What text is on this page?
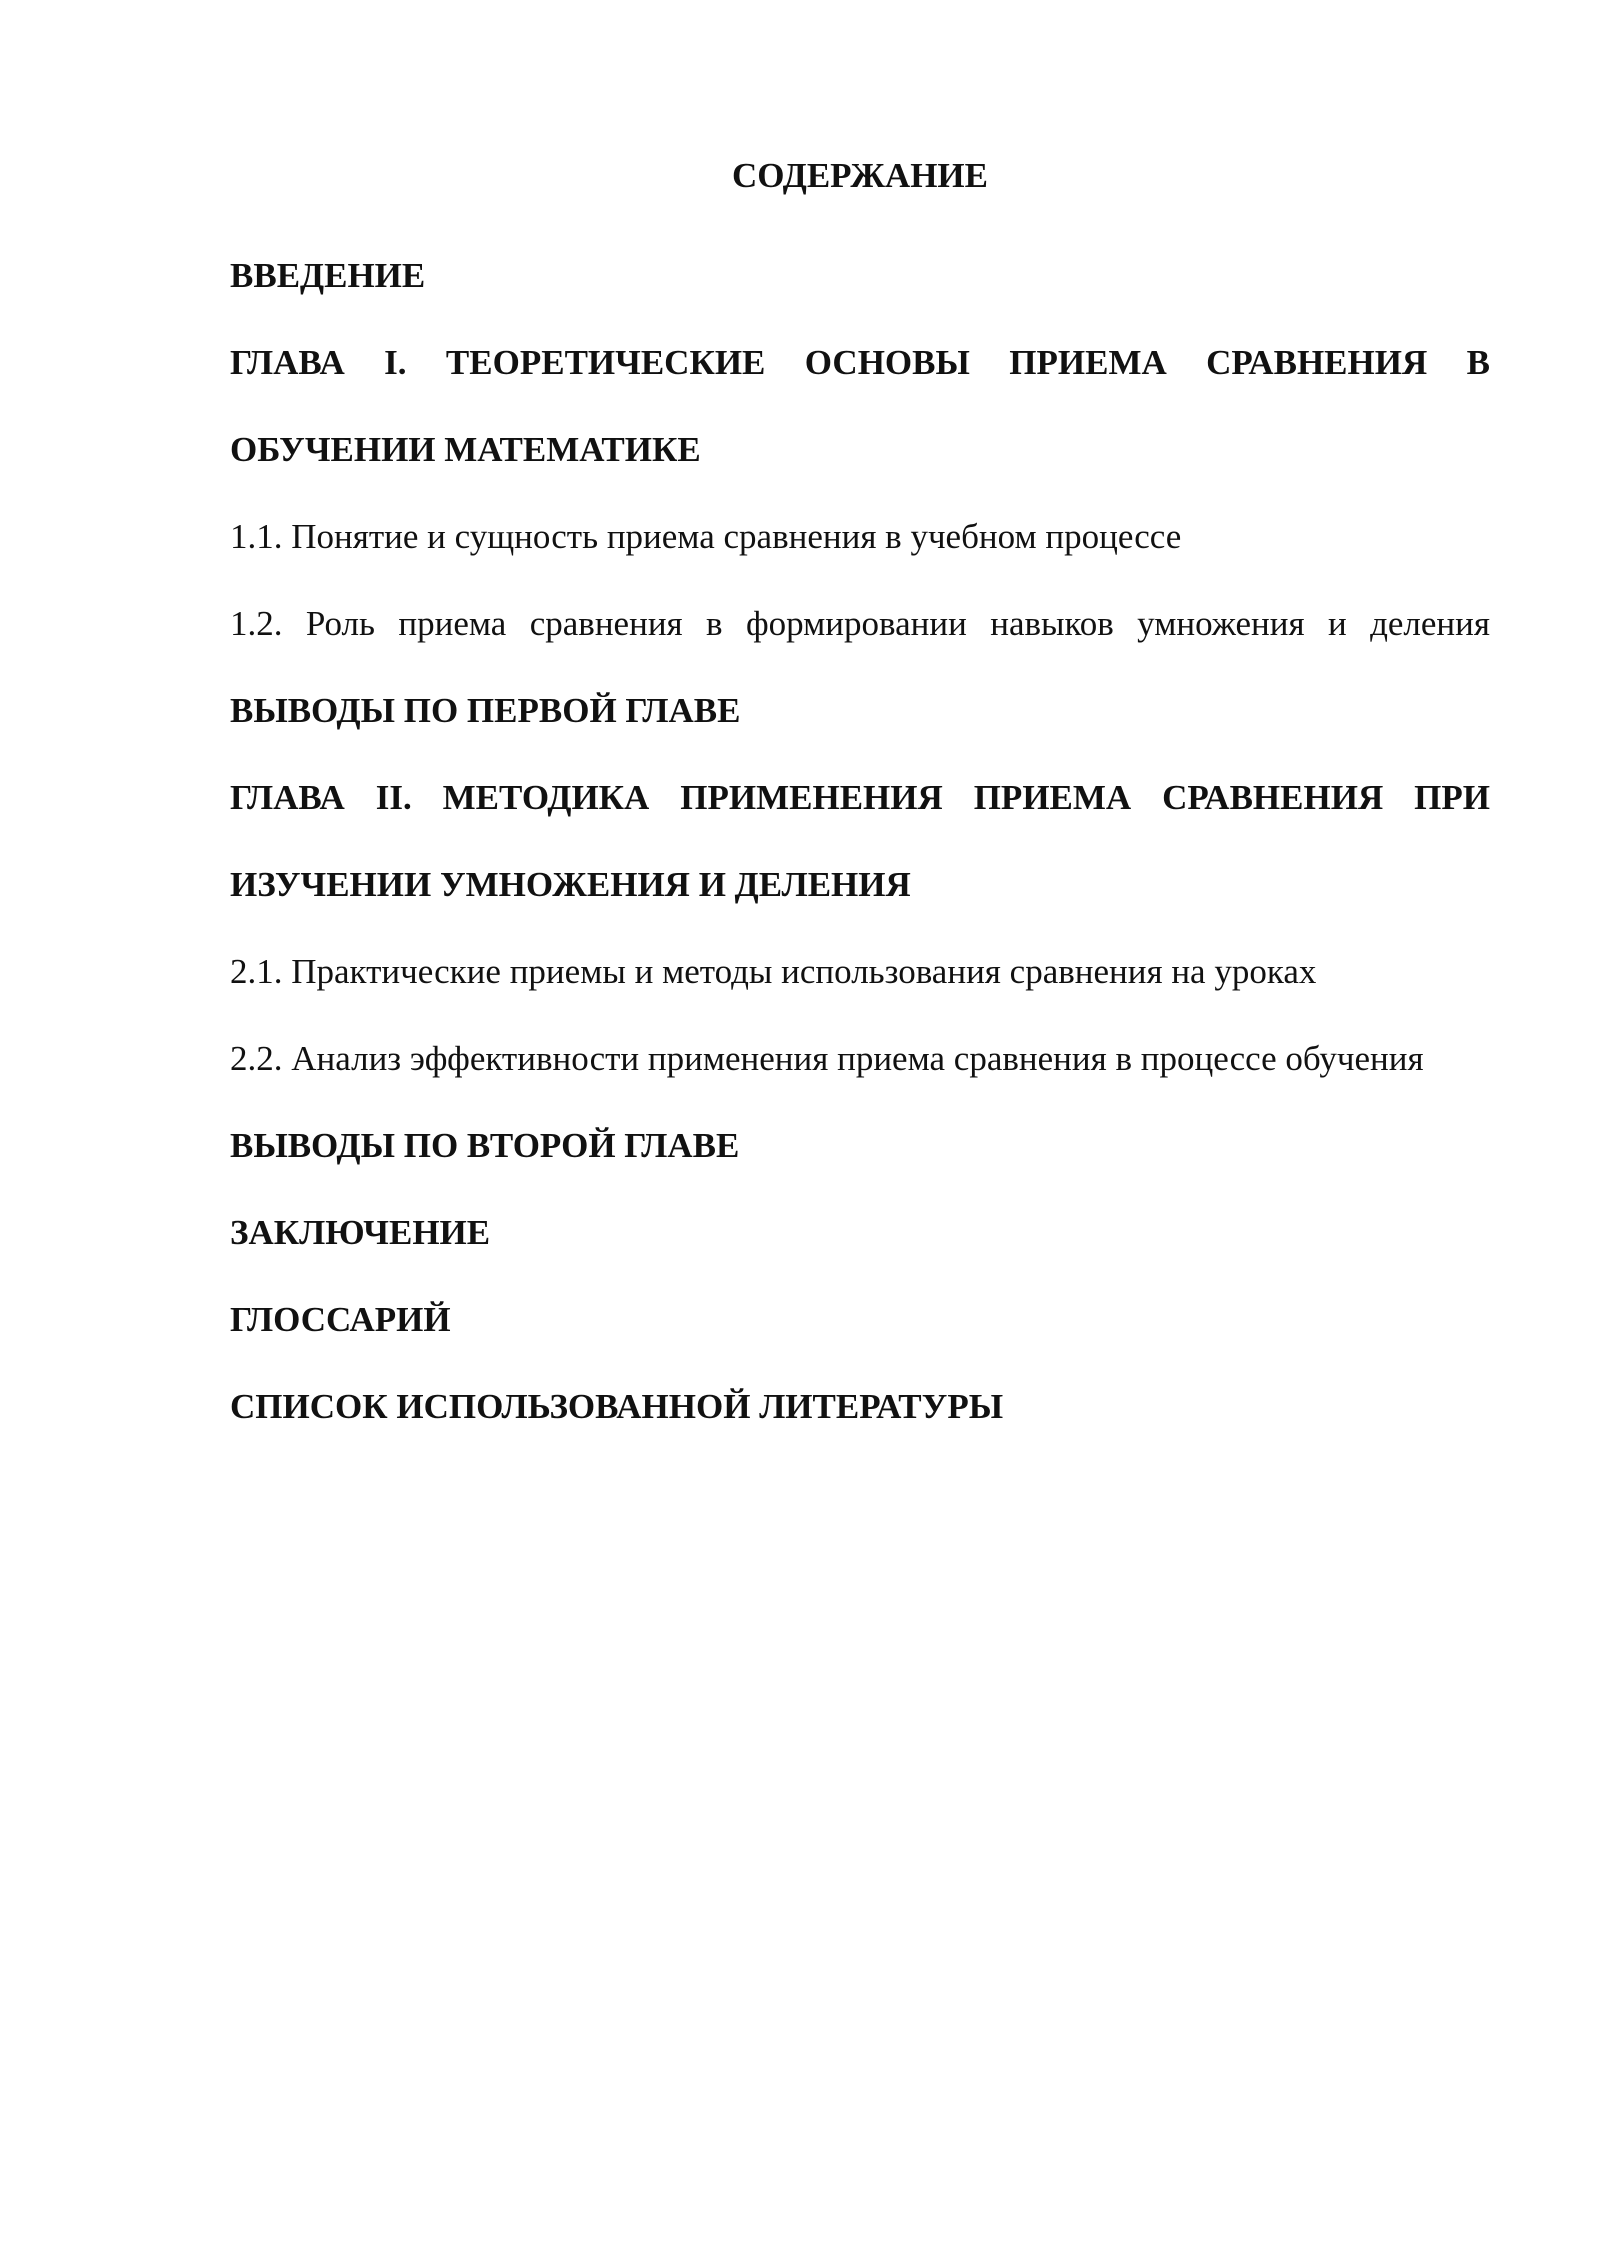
СОДЕРЖАНИЕ
ВВЕДЕНИЕ
ГЛАВА I. ТЕОРЕТИЧЕСКИЕ ОСНОВЫ ПРИЕМА СРАВНЕНИЯ В ОБУЧЕНИИ МАТЕМАТИКЕ
1.1. Понятие и сущность приема сравнения в учебном процессе
1.2. Роль приема сравнения в формировании навыков умножения и деления
ВЫВОДЫ ПО ПЕРВОЙ ГЛАВЕ
ГЛАВА II. МЕТОДИКА ПРИМЕНЕНИЯ ПРИЕМА СРАВНЕНИЯ ПРИ ИЗУЧЕНИИ УМНОЖЕНИЯ И ДЕЛЕНИЯ
2.1. Практические приемы и методы использования сравнения на уроках
2.2. Анализ эффективности применения приема сравнения в процессе обучения
ВЫВОДЫ ПО ВТОРОЙ ГЛАВЕ
ЗАКЛЮЧЕНИЕ
ГЛОССАРИЙ
СПИСОК ИСПОЛЬЗОВАННОЙ ЛИТЕРАТУРЫ
